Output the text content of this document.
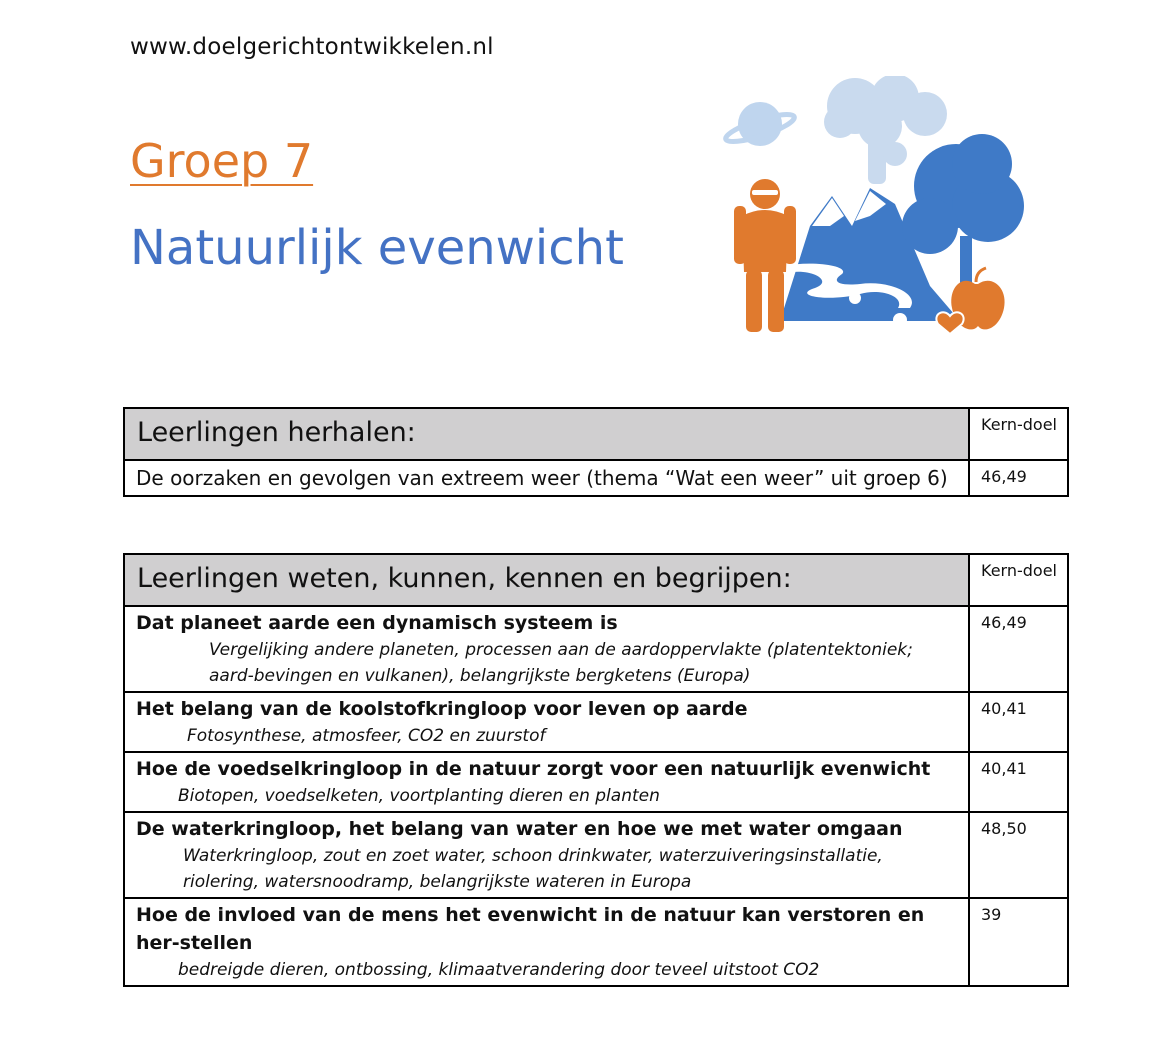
www.doelgerichtontwikkelen.nl
Groep 7
Natuurlijk evenwicht
Leerlingen herhalen:	Kern-doel
De oorzaken en gevolgen van extreem weer (thema “Wat een weer” uit groep 6)	46,49
Leerlingen weten, kunnen, kennen en begrijpen:	Kern-doel

Dat planeet aarde een dynamisch systeem is
Vergelijking andere planeten, processen aan de aardoppervlakte (platentektoniek; aard-bevingen en vulkanen), belangrijkste bergketens (Europa)	46,49

Het belang van de koolstofkringloop voor leven op aarde
Fotosynthese, atmosfeer, CO2 en zuurstof	40,41

Hoe de voedselkringloop in de natuur zorgt voor een natuurlijk evenwicht
Biotopen, voedselketen, voortplanting dieren en planten	40,41

De waterkringloop, het belang van water en hoe we met water omgaan
Waterkringloop, zout en zoet water, schoon drinkwater, waterzuiveringsinstallatie, riolering, watersnoodramp, belangrijkste wateren in Europa	48,50

Hoe de invloed van de mens het evenwicht in de natuur kan verstoren en her-stellen
bedreigde dieren, ontbossing, klimaatverandering door teveel uitstoot CO2	39
